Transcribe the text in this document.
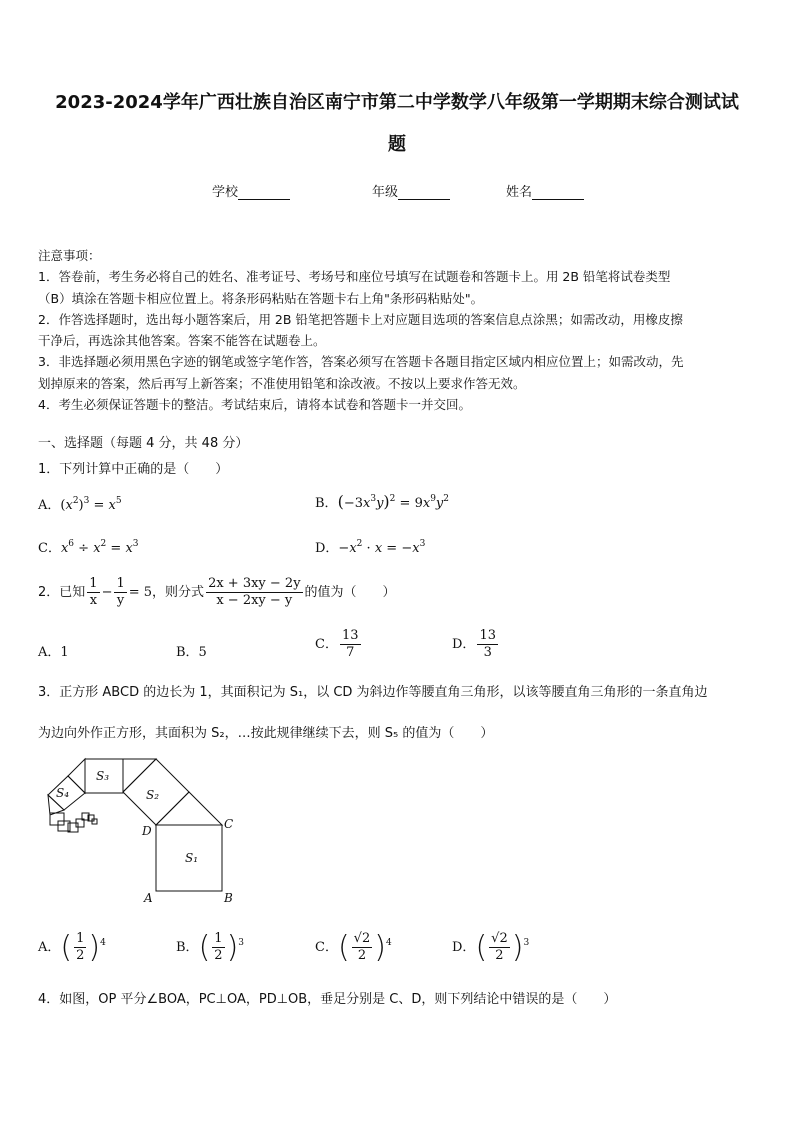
2023-2024学年广西壮族自治区南宁市第二中学数学八年级第一学期期末综合测试试
题
学校	年级	姓名
注意事项：
1．答卷前，考生务必将自己的姓名、准考证号、考场号和座位号填写在试题卷和答题卡上。用 2B 铅笔将试卷类型
（B）填涂在答题卡相应位置上。将条形码粘贴在答题卡右上角"条形码粘贴处"。
2．作答选择题时，选出每小题答案后，用 2B 铅笔把答题卡上对应题目选项的答案信息点涂黑；如需改动，用橡皮擦
干净后，再选涂其他答案。答案不能答在试题卷上。
3．非选择题必须用黑色字迹的钢笔或签字笔作答，答案必须写在答题卡各题目指定区域内相应位置上；如需改动，先
划掉原来的答案，然后再写上新答案；不准使用铅笔和涂改液。不按以上要求作答无效。
4．考生必须保证答题卡的整洁。考试结束后，请将本试卷和答题卡一并交回。
一、选择题（每题 4 分，共 48 分）
1．下列计算中正确的是（　　）
A．$(x^2)^3 = x^5$	B．$(-3x^3y)^2 = 9x^9y^2$
C．$x^6 \div x^2 = x^3$	D．$-x^2 \cdot x = -x^3$
2．已知 $\frac{1}{x} - \frac{1}{y} = 5$，则分式 $\frac{2x + 3xy - 2y}{x - 2xy - y}$ 的值为（　　）
A．1	B．5
C． $\frac{13}{7}$	D． $\frac{13}{3}$
3．正方形 ABCD 的边长为 1，其面积记为 S₁，以 CD 为斜边作等腰直角三角形，以该等腰直角三角形的一条直角边
为边向外作正方形，其面积为 S₂，…按此规律继续下去，则 S₅ 的值为（　　）
S₁
S₂
S₃
S₄
A	B
C
D
A．( $\frac{1}{2} )^4$	B．( $\frac{1}{2} )^3$	C．( $\frac{√2}{2} )^4$	D．( $\frac{√2}{2} )^3$
4．如图，OP 平分∠BOA，PC⊥OA，PD⊥OB，垂足分别是 C、D，则下列结论中错误的是（　　）
